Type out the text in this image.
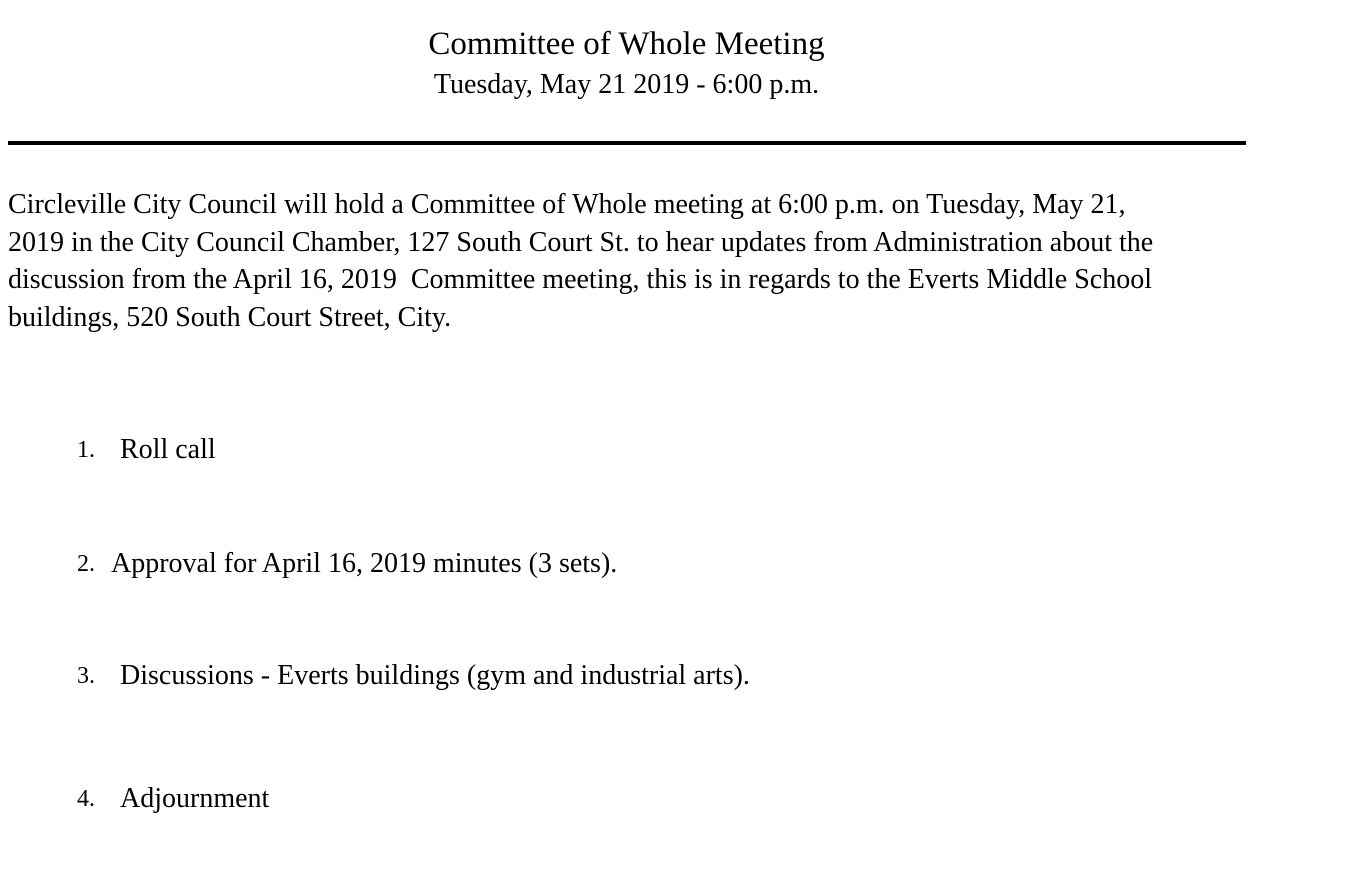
Committee of Whole Meeting
Tuesday, May 21 2019 - 6:00 p.m.
Circleville City Council will hold a Committee of Whole meeting at 6:00 p.m. on Tuesday, May 21,
2019 in the City Council Chamber, 127 South Court St. to hear updates from Administration about the
discussion from the April 16, 2019  Committee meeting, this is in regards to the Everts Middle School
buildings, 520 South Court Street, City.
1. Roll call
2. Approval for April 16, 2019 minutes (3 sets).
3. Discussions - Everts buildings (gym and industrial arts).
4. Adjournment
